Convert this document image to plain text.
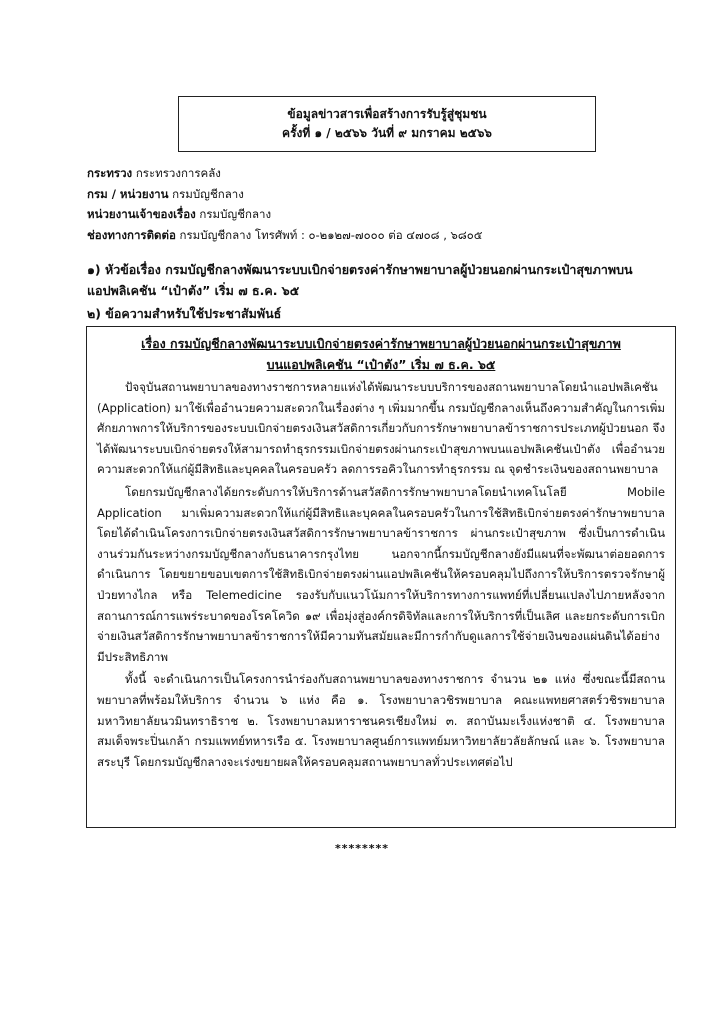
ข้อมูลข่าวสารเพื่อสร้างการรับรู้สู่ชุมชน
ครั้งที่ ๑ / ๒๕๖๖ วันที่ ๙ มกราคม ๒๕๖๖
กระทรวง กระทรวงการคลัง
กรม / หน่วยงาน กรมบัญชีกลาง
หน่วยงานเจ้าของเรื่อง กรมบัญชีกลาง
ช่องทางการติดต่อ กรมบัญชีกลาง โทรศัพท์ : ๐-๒๑๒๗-๗๐๐๐ ต่อ ๔๗๐๘ , ๖๘๐๕
๑) หัวข้อเรื่อง กรมบัญชีกลางพัฒนาระบบเบิกจ่ายตรงค่ารักษาพยาบาลผู้ป่วยนอกผ่านกระเป๋าสุขภาพบนแอปพลิเคชัน “เป๋าตัง” เริ่ม ๗ ธ.ค. ๖๕
๒) ข้อความสำหรับใช้ประชาสัมพันธ์
เรื่อง กรมบัญชีกลางพัฒนาระบบเบิกจ่ายตรงค่ารักษาพยาบาลผู้ป่วยนอกผ่านกระเป๋าสุขภาพ
บนแอปพลิเคชัน “เป๋าตัง” เริ่ม ๗ ธ.ค. ๖๕

ปัจจุบันสถานพยาบาลของทางราชการหลายแห่งได้พัฒนาระบบบริการของสถานพยาบาลโดยนำแอปพลิเคชัน (Application) มาใช้เพื่ออำนวยความสะดวกในเรื่องต่าง ๆ เพิ่มมากขึ้น กรมบัญชีกลางเห็นถึงความสำคัญในการเพิ่มศักยภาพการให้บริการของระบบเบิกจ่ายตรงเงินสวัสดิการเกี่ยวกับการรักษาพยาบาลข้าราชการประเภทผู้ป่วยนอก จึงได้พัฒนาระบบเบิกจ่ายตรงให้สามารถทำธุรกรรมเบิกจ่ายตรงผ่านกระเป๋าสุขภาพบนแอปพลิเคชันเป๋าตัง เพื่ออำนวยความสะดวกให้แก่ผู้มีสิทธิและบุคคลในครอบครัว ลดการรอคิวในการทำธุรกรรม ณ จุดชำระเงินของสถานพยาบาล

โดยกรมบัญชีกลางได้ยกระดับการให้บริการด้านสวัสดิการรักษาพยาบาลโดยนำเทคโนโลยี Mobile Application มาเพิ่มความสะดวกให้แก่ผู้มีสิทธิและบุคคลในครอบครัวในการใช้สิทธิเบิกจ่ายตรงค่ารักษาพยาบาล โดยได้ดำเนินโครงการเบิกจ่ายตรงเงินสวัสดิการรักษาพยาบาลข้าราชการ ผ่านกระเป๋าสุขภาพ ซึ่งเป็นการดำเนินงานร่วมกันระหว่างกรมบัญชีกลางกับธนาคารกรุงไทย นอกจากนี้กรมบัญชีกลางยังมีแผนที่จะพัฒนาต่อยอดการดำเนินการ โดยขยายขอบเขตการใช้สิทธิเบิกจ่ายตรงผ่านแอปพลิเคชันให้ครอบคลุมไปถึงการให้บริการตรวจรักษาผู้ป่วยทางไกล หรือ Telemedicine รองรับกับแนวโน้มการให้บริการทางการแพทย์ที่เปลี่ยนแปลงไปภายหลังจากสถานการณ์การแพร่ระบาดของโรคโควิด ๑๙ เพื่อมุ่งสู่องค์กรดิจิทัลและการให้บริการที่เป็นเลิศ และยกระดับการเบิกจ่ายเงินสวัสดิการรักษาพยาบาลข้าราชการให้มีความทันสมัยและมีการกำกับดูแลการใช้จ่ายเงินของแผ่นดินได้อย่างมีประสิทธิภาพ

ทั้งนี้ จะดำเนินการเป็นโครงการนำร่องกับสถานพยาบาลของทางราชการ จำนวน ๒๑ แห่ง ซึ่งขณะนี้มีสถานพยาบาลที่พร้อมให้บริการ จำนวน ๖ แห่ง คือ ๑. โรงพยาบาลวชิรพยาบาล คณะแพทยศาสตร์วชิรพยาบาล มหาวิทยาลัยนวมินทราธิราช ๒. โรงพยาบาลมหาราชนครเชียงใหม่ ๓. สถาบันมะเร็งแห่งชาติ ๔. โรงพยาบาลสมเด็จพระปิ่นเกล้า กรมแพทย์ทหารเรือ ๕. โรงพยาบาลศูนย์การแพทย์มหาวิทยาลัยวลัยลักษณ์ และ ๖. โรงพยาบาลสระบุรี โดยกรมบัญชีกลางจะเร่งขยายผลให้ครอบคลุมสถานพยาบาลทั่วประเทศต่อไป

********
